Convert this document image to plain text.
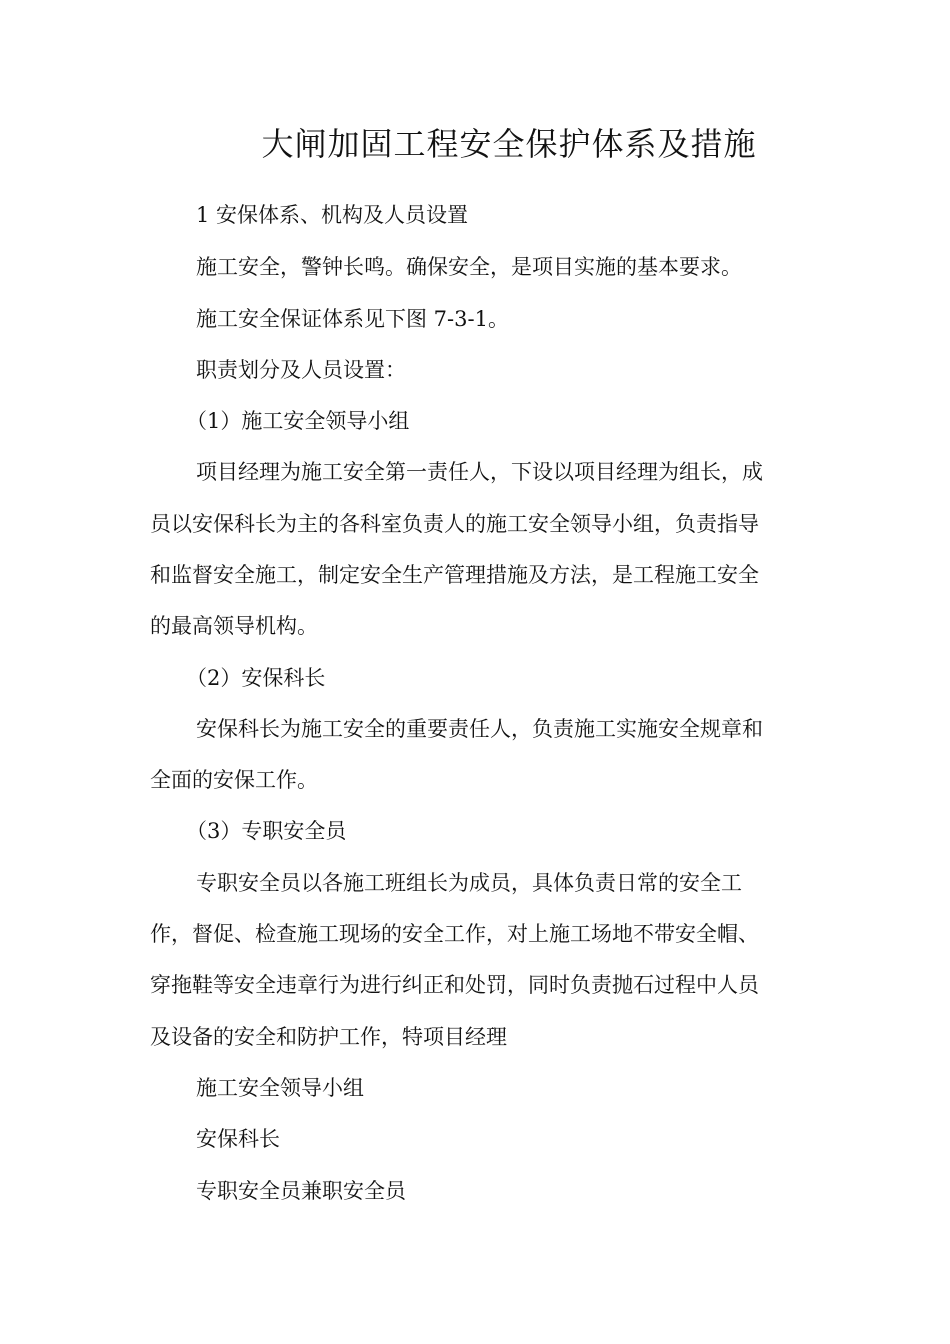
大闸加固工程安全保护体系及措施
1 安保体系、机构及人员设置
施工安全，警钟长鸣。确保安全，是项目实施的基本要求。
施工安全保证体系见下图 7-3-1。
职责划分及人员设置：
（1）施工安全领导小组
项目经理为施工安全第一责任人，下设以项目经理为组长，成
员以安保科长为主的各科室负责人的施工安全领导小组，负责指导
和监督安全施工，制定安全生产管理措施及方法，是工程施工安全
的最高领导机构。
（2）安保科长
安保科长为施工安全的重要责任人，负责施工实施安全规章和
全面的安保工作。
（3）专职安全员
专职安全员以各施工班组长为成员，具体负责日常的安全工
作，督促、检查施工现场的安全工作，对上施工场地不带安全帽、
穿拖鞋等安全违章行为进行纠正和处罚，同时负责抛石过程中人员
及设备的安全和防护工作，特项目经理
施工安全领导小组
安保科长
专职安全员兼职安全员
